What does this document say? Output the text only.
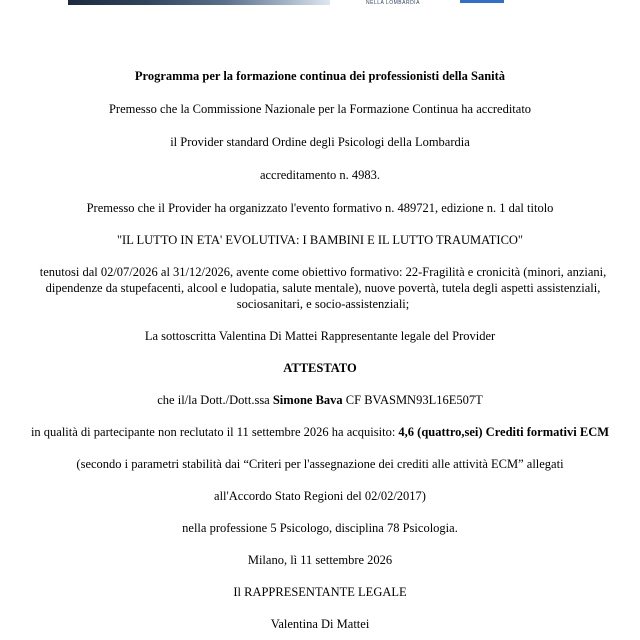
NELLA LOMBARDIA
Programma per la formazione continua dei professionisti della Sanità
Premesso che la Commissione Nazionale per la Formazione Continua ha accreditato
il Provider standard Ordine degli Psicologi della Lombardia
accreditamento n. 4983.
Premesso che il Provider ha organizzato l'evento formativo n. 489721, edizione n. 1 dal titolo
"IL LUTTO IN ETA' EVOLUTIVA: I BAMBINI E IL LUTTO TRAUMATICO"
tenutosi dal 02/07/2026 al 31/12/2026, avente come obiettivo formativo: 22-Fragilità e cronicità (minori, anziani, dipendenze da stupefacenti, alcool e ludopatia, salute mentale), nuove povertà, tutela degli aspetti assistenziali, sociosanitari, e socio-assistenziali;
La sottoscritta Valentina Di Mattei Rappresentante legale del Provider
ATTESTATO
che il/la Dott./Dott.ssa Simone Bava CF BVASMN93L16E507T
in qualità di partecipante non reclutato il 11 settembre 2026 ha acquisito: 4,6 (quattro,sei) Crediti formativi ECM
(secondo i parametri stabilità dai “Criteri per l'assegnazione dei crediti alle attività ECM” allegati
all'Accordo Stato Regioni del 02/02/2017)
nella professione 5 Psicologo, disciplina 78 Psicologia.
Milano, lì 11 settembre 2026
Il RAPPRESENTANTE LEGALE
Valentina Di Mattei
